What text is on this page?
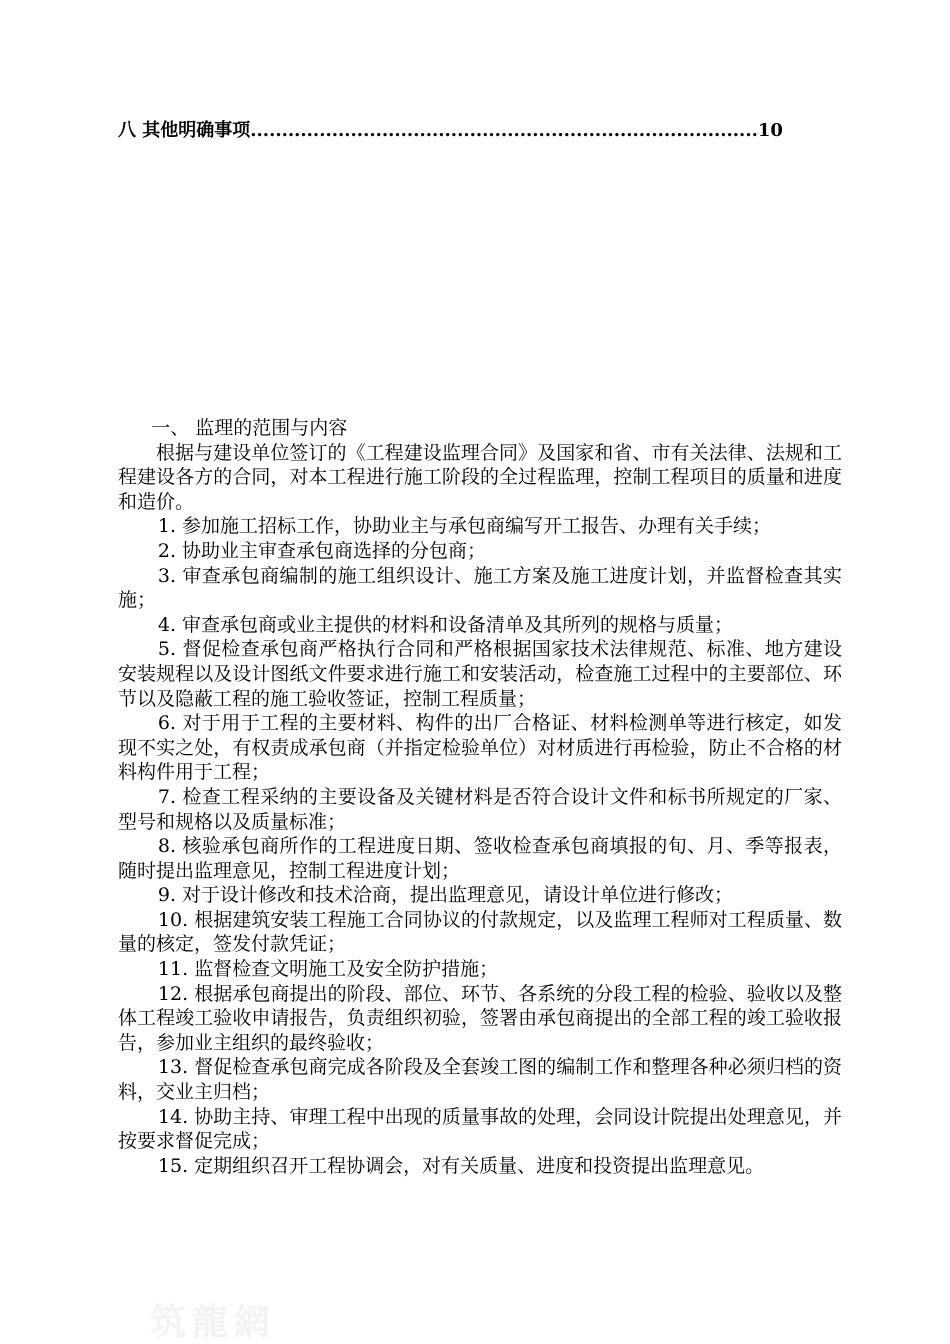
八 其他明确事项.................................................................................10

一、 监理的范围与内容

根据与建设单位签订的《工程建设监理合同》及国家和省、市有关法律、法规和工程建设各方的合同，对本工程进行施工阶段的全过程监理，控制工程项目的质量和进度和造价。

1. 参加施工招标工作，协助业主与承包商编写开工报告、办理有关手续；

2. 协助业主审查承包商选择的分包商；

3. 审查承包商编制的施工组织设计、施工方案及施工进度计划，并监督检查其实施；

4. 审查承包商或业主提供的材料和设备清单及其所列的规格与质量；

5. 督促检查承包商严格执行合同和严格根据国家技术法律规范、标准、地方建设安装规程以及设计图纸文件要求进行施工和安装活动，检查施工过程中的主要部位、环节以及隐蔽工程的施工验收签证，控制工程质量；

6. 对于用于工程的主要材料、构件的出厂合格证、材料检测单等进行核定，如发现不实之处，有权责成承包商（并指定检验单位）对材质进行再检验，防止不合格的材料构件用于工程；

7. 检查工程采纳的主要设备及关键材料是否符合设计文件和标书所规定的厂家、型号和规格以及质量标准；

8. 核验承包商所作的工程进度日期、签收检查承包商填报的旬、月、季等报表，随时提出监理意见，控制工程进度计划；

9. 对于设计修改和技术洽商，提出监理意见，请设计单位进行修改；

10. 根据建筑安装工程施工合同协议的付款规定，以及监理工程师对工程质量、数量的核定，签发付款凭证；

11. 监督检查文明施工及安全防护措施；

12. 根据承包商提出的阶段、部位、环节、各系统的分段工程的检验、验收以及整体工程竣工验收申请报告，负责组织初验，签署由承包商提出的全部工程的竣工验收报告，参加业主组织的最终验收；

13. 督促检查承包商完成各阶段及全套竣工图的编制工作和整理各种必须归档的资料，交业主归档；

14. 协助主持、审理工程中出现的质量事故的处理，会同设计院提出处理意见，并按要求督促完成；

15. 定期组织召开工程协调会，对有关质量、进度和投资提出监理意见。

筑龍網
